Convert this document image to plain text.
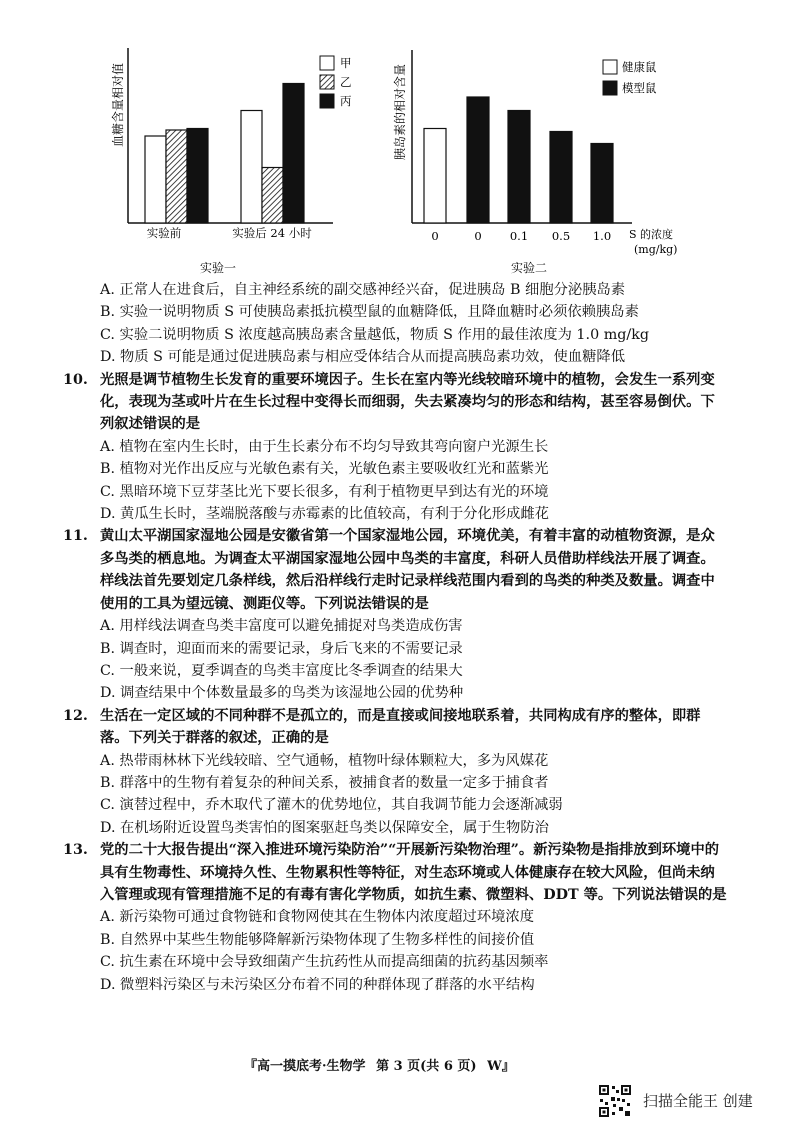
血糖含量相对值
实验前	实验后 24 小时
实验一
甲
乙
丙	胰岛素的相对含量
0	0 0.1 0.5 1.0 S 的浓度
(mg/kg)
实验二
健康鼠
模型鼠
A. 正常人在进食后，自主神经系统的副交感神经兴奋，促进胰岛 B 细胞分泌胰岛素
B. 实验一说明物质 S 可使胰岛素抵抗模型鼠的血糖降低，且降血糖时必须依赖胰岛素
C. 实验二说明物质 S 浓度越高胰岛素含量越低，物质 S 作用的最佳浓度为 1.0 mg/kg
D. 物质 S 可能是通过促进胰岛素与相应受体结合从而提高胰岛素功效，使血糖降低
10. 光照是调节植物生长发育的重要环境因子。生长在室内等光线较暗环境中的植物，会发生一系列变化，表现为茎或叶片在生长过程中变得长而细弱，失去紧凑均匀的形态和结构，甚至容易倒伏。下列叙述错误的是
A. 植物在室内生长时，由于生长素分布不均匀导致其弯向窗户光源生长
B. 植物对光作出反应与光敏色素有关，光敏色素主要吸收红光和蓝紫光
C. 黑暗环境下豆芽茎比光下要长很多，有利于植物更早到达有光的环境
D. 黄瓜生长时，茎端脱落酸与赤霉素的比值较高，有利于分化形成雌花
11. 黄山太平湖国家湿地公园是安徽省第一个国家湿地公园，环境优美，有着丰富的动植物资源，是众多鸟类的栖息地。为调查太平湖国家湿地公园中鸟类的丰富度，科研人员借助样线法开展了调查。样线法首先要划定几条样线，然后沿样线行走时记录样线范围内看到的鸟类的种类及数量。调查中使用的工具为望远镜、测距仪等。下列说法错误的是
A. 用样线法调查鸟类丰富度可以避免捕捉对鸟类造成伤害
B. 调查时，迎面而来的需要记录，身后飞来的不需要记录
C. 一般来说，夏季调查的鸟类丰富度比冬季调查的结果大
D. 调查结果中个体数量最多的鸟类为该湿地公园的优势种
12. 生活在一定区域的不同种群不是孤立的，而是直接或间接地联系着，共同构成有序的整体，即群落。下列关于群落的叙述，正确的是
A. 热带雨林林下光线较暗、空气通畅，植物叶绿体颗粒大，多为风媒花
B. 群落中的生物有着复杂的种间关系，被捕食者的数量一定多于捕食者
C. 演替过程中，乔木取代了灌木的优势地位，其自我调节能力会逐渐减弱
D. 在机场附近设置鸟类害怕的图案驱赶鸟类以保障安全，属于生物防治
13. 党的二十大报告提出“深入推进环境污染防治”“开展新污染物治理”。新污染物是指排放到环境中的具有生物毒性、环境持久性、生物累积性等特征，对生态环境或人体健康存在较大风险，但尚未纳入管理或现有管理措施不足的有毒有害化学物质，如抗生素、微塑料、DDT 等。下列说法错误的是
A. 新污染物可通过食物链和食物网使其在生物体内浓度超过环境浓度
B. 自然界中某些生物能够降解新污染物体现了生物多样性的间接价值
C. 抗生素在环境中会导致细菌产生抗药性从而提高细菌的抗药基因频率
D. 微塑料污染区与未污染区分布着不同的种群体现了群落的水平结构
『高一摸底考·生物学 第 3 页(共 6 页) W』
扫描全能王 创建
